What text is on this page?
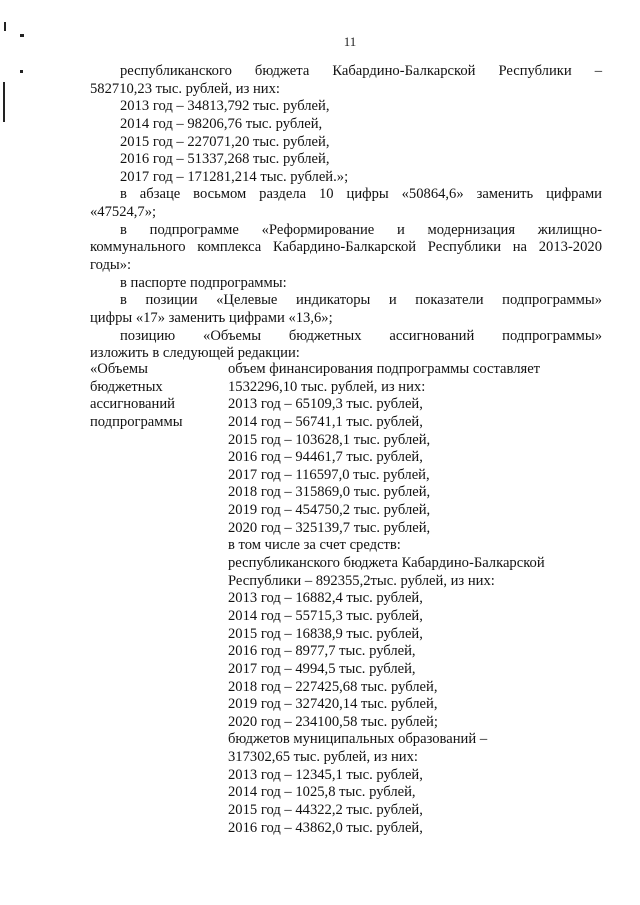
11
республиканского бюджета Кабардино-Балкарской Республики –
582710,23 тыс. рублей, из них:
2013 год – 34813,792 тыс. рублей,
2014 год – 98206,76 тыс. рублей,
2015 год – 227071,20 тыс. рублей,
2016 год – 51337,268 тыс. рублей,
2017 год – 171281,214 тыс. рублей.»;
в абзаце восьмом раздела 10 цифры «50864,6» заменить цифрами
«47524,7»;
в подпрограмме «Реформирование и модернизация жилищно-
коммунального комплекса Кабардино-Балкарской Республики на 2013-2020
годы»:
в паспорте подпрограммы:
в позиции «Целевые индикаторы и показатели подпрограммы»
цифры «17» заменить цифрами «13,6»;
позицию «Объемы бюджетных ассигнований подпрограммы»
изложить в следующей редакции:
«Объемы
бюджетных
ассигнований
подпрограммы
объем финансирования подпрограммы составляет
1532296,10 тыс. рублей, из них:
2013 год – 65109,3 тыс. рублей,
2014 год – 56741,1 тыс. рублей,
2015 год – 103628,1 тыс. рублей,
2016 год – 94461,7 тыс. рублей,
2017 год – 116597,0 тыс. рублей,
2018 год – 315869,0 тыс. рублей,
2019 год – 454750,2 тыс. рублей,
2020 год – 325139,7 тыс. рублей,
в том числе за счет средств:
республиканского бюджета Кабардино-Балкарской
Республики – 892355,2тыс. рублей, из них:
2013 год – 16882,4 тыс. рублей,
2014 год – 55715,3 тыс. рублей,
2015 год – 16838,9 тыс. рублей,
2016 год – 8977,7 тыс. рублей,
2017 год – 4994,5 тыс. рублей,
2018 год – 227425,68 тыс. рублей,
2019 год – 327420,14 тыс. рублей,
2020 год – 234100,58 тыс. рублей;
бюджетов муниципальных образований –
317302,65 тыс. рублей, из них:
2013 год – 12345,1 тыс. рублей,
2014 год – 1025,8 тыс. рублей,
2015 год – 44322,2 тыс. рублей,
2016 год – 43862,0 тыс. рублей,
